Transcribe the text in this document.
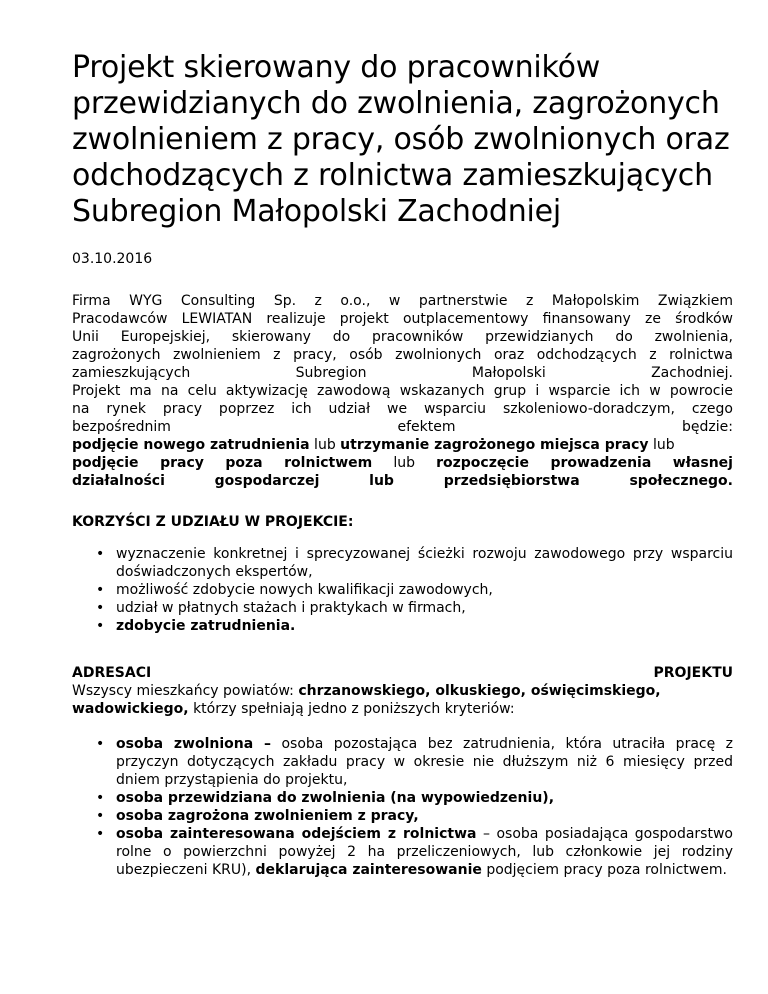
Projekt skierowany do pracowników przewidzianych do zwolnienia, zagrożonych zwolnieniem z pracy, osób zwolnionych oraz odchodzących z rolnictwa zamieszkujących Subregion Małopolski Zachodniej
03.10.2016

Firma WYG Consulting Sp. z o.o., w partnerstwie z Małopolskim Związkiem
Pracodawców LEWIATAN realizuje projekt outplacementowy finansowany ze środków
Unii Europejskiej, skierowany do pracowników przewidzianych do zwolnienia,
zagrożonych zwolnieniem z pracy, osób zwolnionych oraz odchodzących z rolnictwa
zamieszkujących Subregion Małopolski Zachodniej.
Projekt ma na celu aktywizację zawodową wskazanych grup i wsparcie ich w powrocie
na rynek pracy poprzez ich udział we wsparciu szkoleniowo-doradczym, czego
bezpośrednim efektem będzie:
podjęcie nowego zatrudnienia lub utrzymanie zagrożonego miejsca pracy lub
podjęcie pracy poza rolnictwem lub rozpoczęcie prowadzenia własnej
działalności gospodarczej lub przedsiębiorstwa społecznego.

KORZYŚCI Z UDZIAŁU W PROJEKCIE:

• wyznaczenie konkretnej i sprecyzowanej ścieżki rozwoju zawodowego przy wsparciu doświadczonych ekspertów,
• możliwość zdobycie nowych kwalifikacji zawodowych,
• udział w płatnych stażach i praktykach w firmach,
• zdobycie zatrudnienia.

ADRESACI	PROJEKTU
Wszyscy mieszkańcy powiatów: chrzanowskiego, olkuskiego, oświęcimskiego, wadowickiego, którzy spełniają jedno z poniższych kryteriów:

• osoba zwolniona – osoba pozostająca bez zatrudnienia, która utraciła pracę z przyczyn dotyczących zakładu pracy w okresie nie dłuższym niż 6 miesięcy przed dniem przystąpienia do projektu,
• osoba przewidziana do zwolnienia (na wypowiedzeniu),
• osoba zagrożona zwolnieniem z pracy,
• osoba zainteresowana odejściem z rolnictwa – osoba posiadająca gospodarstwo rolne o powierzchni powyżej 2 ha przeliczeniowych, lub członkowie jej rodziny ubezpieczeni KRU), deklarująca zainteresowanie podjęciem pracy poza rolnictwem.
